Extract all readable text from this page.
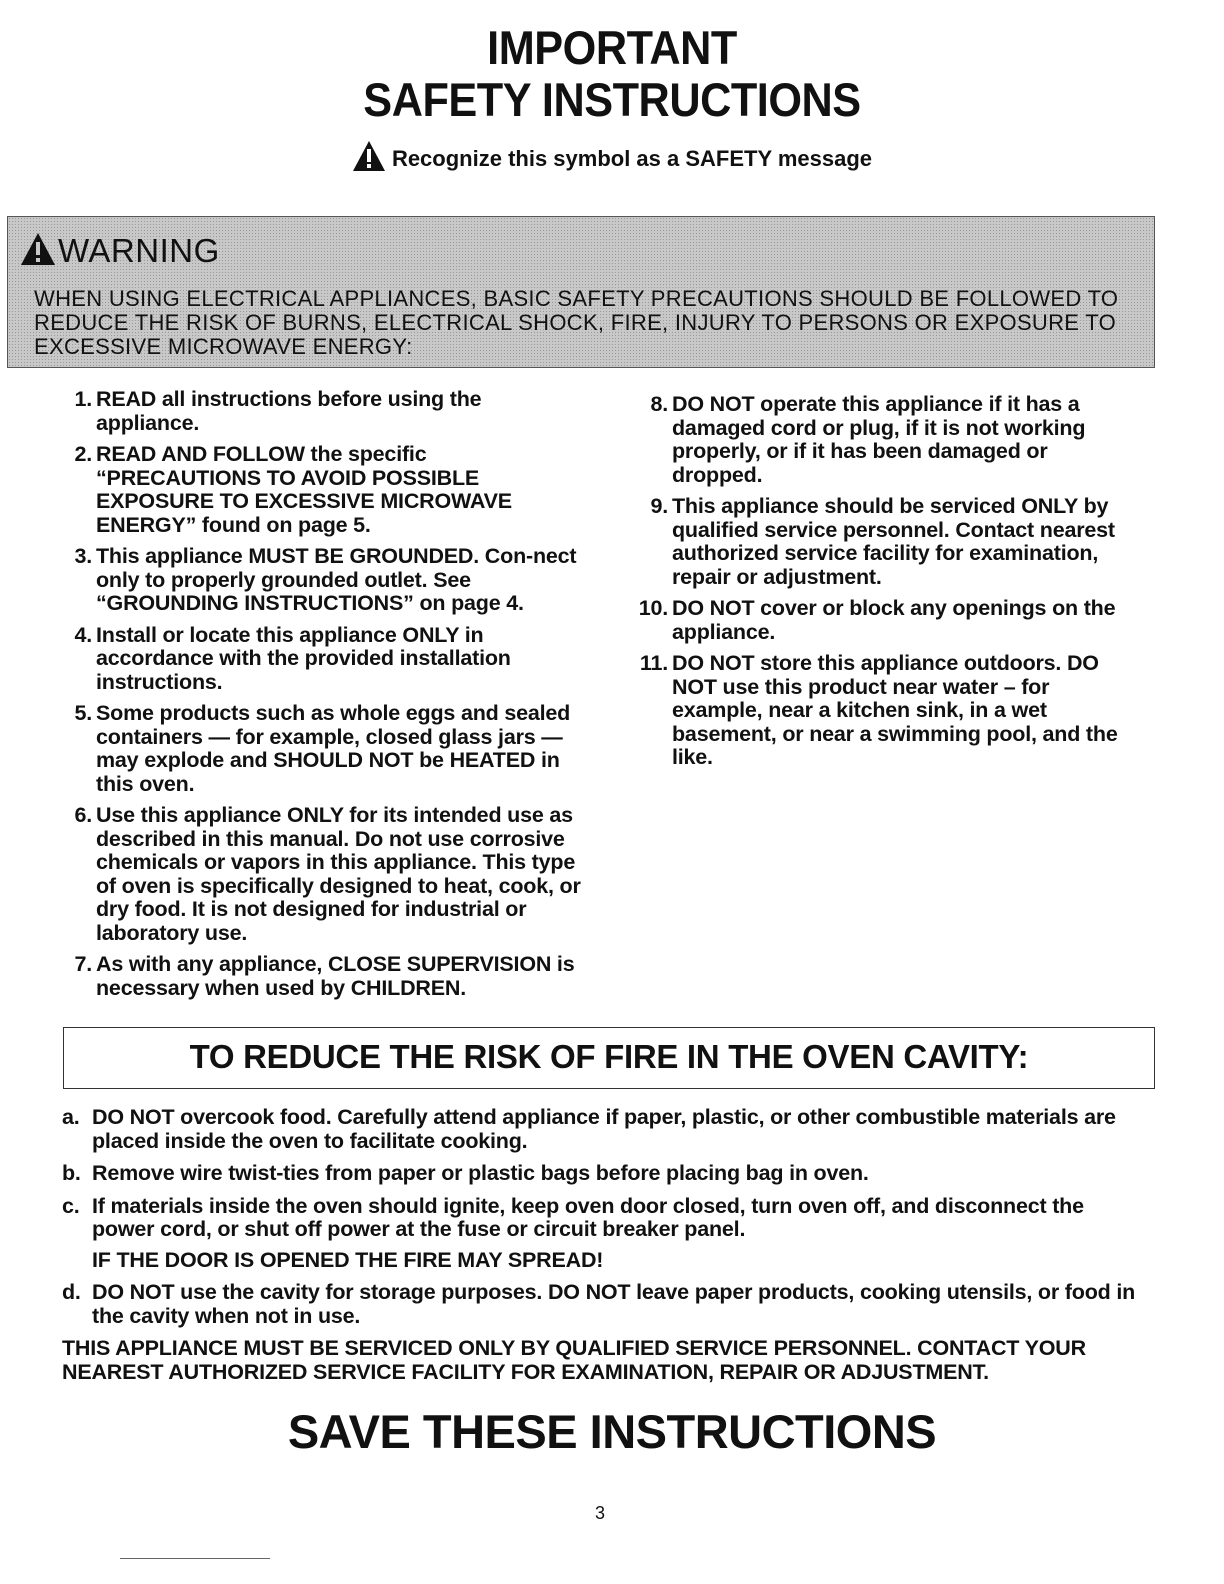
IMPORTANT
SAFETY INSTRUCTIONS
Recognize this symbol as a SAFETY message
WARNING
WHEN USING ELECTRICAL APPLIANCES, BASIC SAFETY PRECAUTIONS SHOULD BE FOLLOWED TO REDUCE THE RISK OF BURNS, ELECTRICAL SHOCK, FIRE, INJURY TO PERSONS OR EXPOSURE TO EXCESSIVE MICROWAVE ENERGY:
1. READ all instructions before using the appliance.
2. READ AND FOLLOW the specific “PRECAUTIONS TO AVOID POSSIBLE EXPOSURE TO EXCESSIVE MICROWAVE ENERGY” found on page 5.
3. This appliance MUST BE GROUNDED. Con-nect only to properly grounded outlet. See “GROUNDING INSTRUCTIONS” on page 4.
4. Install or locate this appliance ONLY in accordance with the provided installation instructions.
5. Some products such as whole eggs and sealed containers — for example, closed glass jars — may explode and SHOULD NOT be HEATED in this oven.
6. Use this appliance ONLY for its intended use as described in this manual. Do not use corrosive chemicals or vapors in this appliance. This type of oven is specifically designed to heat, cook, or dry food. It is not designed for industrial or laboratory use.
7. As with any appliance, CLOSE SUPERVISION is necessary when used by CHILDREN.
8. DO NOT operate this appliance if it has a damaged cord or plug, if it is not working properly, or if it has been damaged or dropped.
9. This appliance should be serviced ONLY by qualified service personnel. Contact nearest authorized service facility for examination, repair or adjustment.
10. DO NOT cover or block any openings on the appliance.
11. DO NOT store this appliance outdoors. DO NOT use this product near water – for example, near a kitchen sink, in a wet basement, or near a swimming pool, and the like.
TO REDUCE THE RISK OF FIRE IN THE OVEN CAVITY:
a. DO NOT overcook food. Carefully attend appliance if paper, plastic, or other combustible materials are placed inside the oven to facilitate cooking.
b. Remove wire twist-ties from paper or plastic bags before placing bag in oven.
c. If materials inside the oven should ignite, keep oven door closed, turn oven off, and disconnect the power cord, or shut off power at the fuse or circuit breaker panel.
IF THE DOOR IS OPENED THE FIRE MAY SPREAD!
d. DO NOT use the cavity for storage purposes. DO NOT leave paper products, cooking utensils, or food in the cavity when not in use.
THIS APPLIANCE MUST BE SERVICED ONLY BY QUALIFIED SERVICE PERSONNEL. CONTACT YOUR NEAREST AUTHORIZED SERVICE FACILITY FOR EXAMINATION, REPAIR OR ADJUSTMENT.
SAVE THESE INSTRUCTIONS
3
